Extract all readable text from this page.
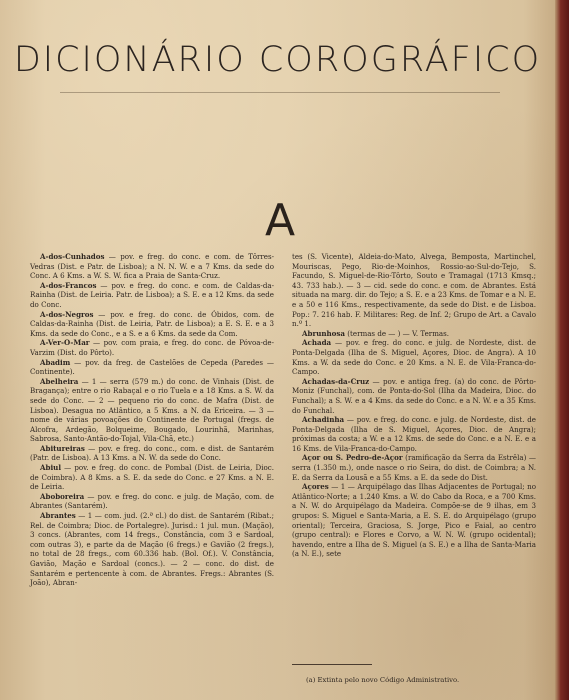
DICIONÁRIO COROGRÁFICO
A

A-dos-Cunhados — pov. e freg. do conc. e com. de Tôrres-Vedras (Dist. e Patr. de Lisboa); a N. N. W. e a 7 Kms. da sede do Conc. A 6 Kms. a W. S. W. fica a Praia de Santa-Cruz.

A-dos-Francos — pov. e freg. do conc. e com. de Caldas-da-Rainha (Dist. de Leiria. Patr. de Lisboa); a S. E. e a 12 Kms. da sede do Conc.

A-dos-Negros — pov. e freg. do conc. de Óbidos, com. de Caldas-da-Rainha (Dist. de Leiria, Patr. de Lisboa); a E. S. E. e a 3 Kms. da sede do Conc., e a S. e a 6 Kms. da sede da Com.

A-Ver-O-Mar — pov. com praia, e freg. do conc. de Póvoa-de-Varzim (Dist. do Pôrto).

Abadim — pov. da freg. de Castelões de Cepeda (Paredes — Continente).

Abelheira — 1 — serra (579 m.) do conc. de Vinhais (Dist. de Bragança); entre o rio Rabaçal e o rio Tuela e a 18 Kms. a S. W. da sede do Conc. — 2 — pequeno rio do conc. de Mafra (Dist. de Lisboa). Desagua no Atlântico, a 5 Kms. a N. da Ericeira. — 3 — nome de várias povoações do Continente de Portugal (fregs. de Alcofra, Ardegão, Bolqueime, Bougado, Lourinhã, Marinhas, Sabrosa, Santo-Antão-do-Tojal, Vila-Chã, etc.)

Abitureiras — pov. e freg. do conc., com. e dist. de Santarém (Patr. de Lisboa). A 13 Kms. a N. W. da sede do Conc.

Abiul — pov. e freg. do conc. de Pombal (Dist. de Leiria, Dioc. de Coimbra). A 8 Kms. a S. E. da sede do Conc. e 27 Kms. a N. E. de Leiria.

Aboboreira — pov. e freg. do conc. e julg. de Mação, com. de Abrantes (Santarém).

Abrantes — 1 — com. jud. (2.ª cl.) do dist. de Santarém (Ribat.; Rel. de Coimbra; Dioc. de Portalegre). Jurisd.: 1 jul. mun. (Mação), 3 concs. (Abrantes, com 14 fregs., Constância, com 3 e Sardoal, com outras 3), e parte da de Mação (6 fregs.) e Gavião (2 fregs.), no total de 28 fregs., com 60.336 hab. (Bol. Of.). V. Constância, Gavião, Mação e Sardoal (concs.). — 2 — conc. do dist. de Santarém e pertencente à com. de Abrantes. Fregs.: Abrantes (S. João), Abran-

tes (S. Vicente), Aldeia-do-Mato, Alvega, Bemposta, Martinchel, Mouriscas, Pego, Rio-de-Moinhos, Rossio-ao-Sul-do-Tejo, S. Facundo, S. Miguel-de-Rio-Tôrto, Souto e Tramagal (1713 Kmsq.; 43. 733 hab.). — 3 — cid. sede do conc. e com. de Abrantes. Está situada na marg. dir. do Tejo; a S. E. e a 23 Kms. de Tomar e a N. E. e a 50 e 116 Kms., respectivamente, da sede do Dist. e de Lisboa. Pop.: 7. 216 hab. F. Militares: Reg. de Inf. 2; Grupo de Art. a Cavalo n.º 1.

Abrunhosa (termas de — ) — V. Termas.

Achada — pov. e freg. do conc. e julg. de Nordeste, dist. de Ponta-Delgada (Ilha de S. Miguel, Açores, Dioc. de Angra). A 10 Kms. a W. da sede do Conc. e 20 Kms. a N. E. de Vila-Franca-do-Campo.

Achadas-da-Cruz — pov. e antiga freg. (a) do conc. de Pôrto-Moniz (Funchal), com. de Ponta-do-Sol (Ilha da Madeira, Dioc. do Funchal); a S. W. e a 4 Kms. da sede do Conc. e a N. W. e a 35 Kms. do Funchal.

Achadinha — pov. e freg. do conc. e julg. de Nordeste, dist. de Ponta-Delgada (Ilha de S. Miguel, Açores, Dioc. de Angra); próximas da costa; a W. e a 12 Kms. de sede do Conc. e a N. E. e a 16 Kms. de Vila-Franca-do-Campo.

Açor ou S. Pedro-de-Açor (ramificação da Serra da Estrêla) — serra (1.350 m.), onde nasce o rio Seira, do dist. de Coimbra; a N. E. da Serra da Lousã e a 55 Kms. a E. da sede do Dist.

Açores — 1 — Arquipélago das Ilhas Adjacentes de Portugal; no Atlântico-Norte; a 1.240 Kms. a W. do Cabo da Roca, e a 700 Kms. a N. W. do Arquipélago da Madeira. Compõe-se de 9 ilhas, em 3 grupos: S. Miguel e Santa-Maria, a E. S. E. do Arquipélago (grupo oriental); Terceira, Graciosa, S. Jorge, Pico e Faial, ao centro (grupo central): e Flores e Corvo, a W. N. W. (grupo ocidental); havendo, entre a Ilha de S. Miguel (a S. E.) e a Ilha de Santa-Maria (a N. E.), sete

(a) Extinta pelo novo Código Administrativo.
